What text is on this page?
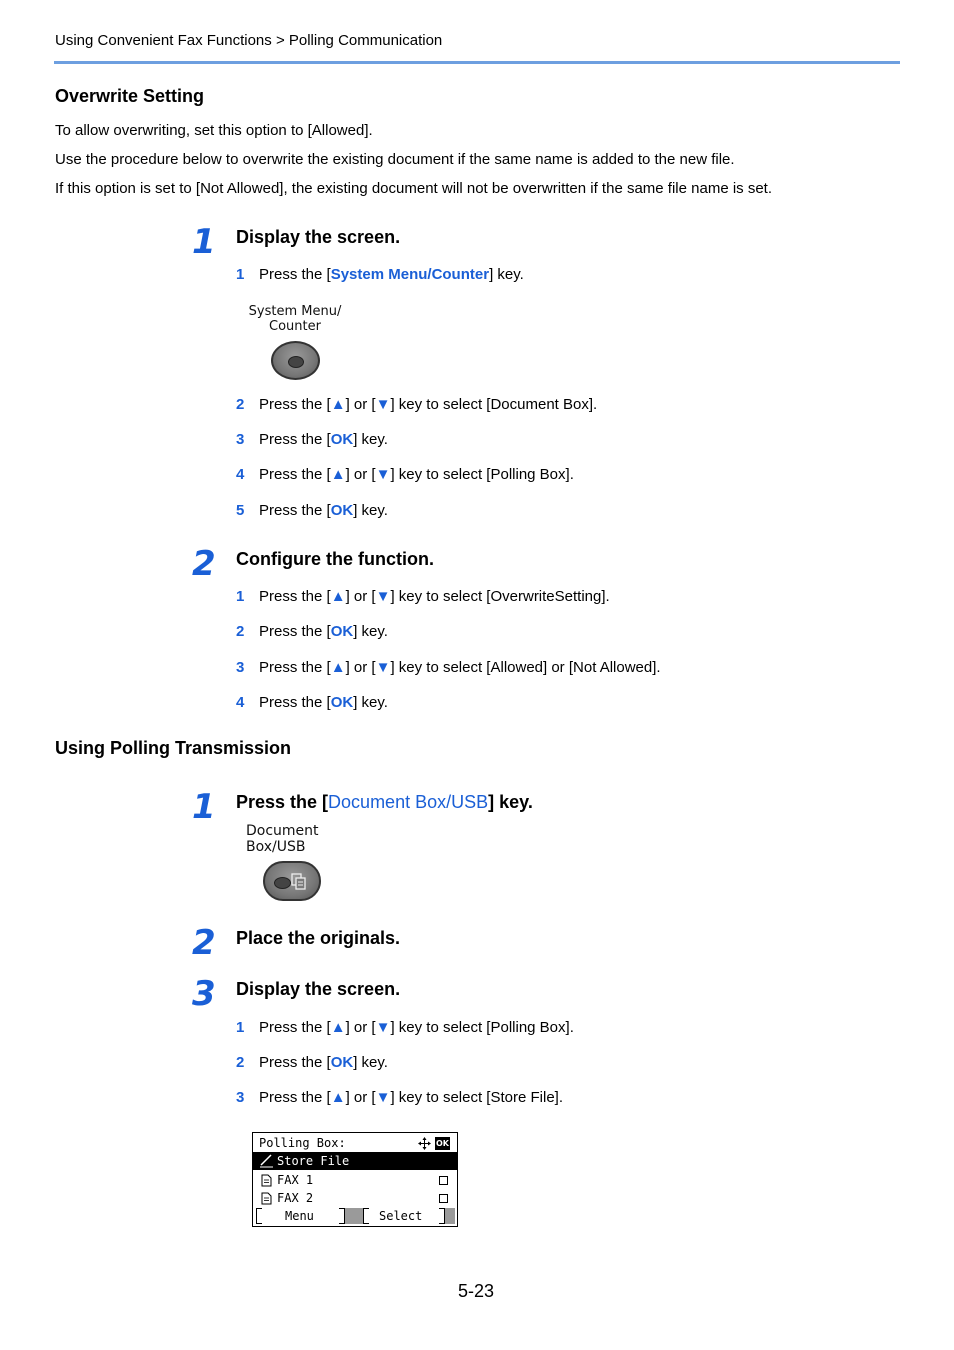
Using Convenient Fax Functions > Polling Communication
Overwrite Setting
To allow overwriting, set this option to [Allowed].
Use the procedure below to overwrite the existing document if the same name is added to the new file.
If this option is set to [Not Allowed], the existing document will not be overwritten if the same file name is set.
1 Display the screen.
1 Press the [System Menu/Counter] key.
System Menu/
Counter
2 Press the [▲] or [▼] key to select [Document Box].
3 Press the [OK] key.
4 Press the [▲] or [▼] key to select [Polling Box].
5 Press the [OK] key.
2 Configure the function.
1 Press the [▲] or [▼] key to select [OverwriteSetting].
2 Press the [OK] key.
3 Press the [▲] or [▼] key to select [Allowed] or [Not Allowed].
4 Press the [OK] key.
Using Polling Transmission
1 Press the [Document Box/USB] key.
Document
Box/USB
2 Place the originals.
3 Display the screen.
1 Press the [▲] or [▼] key to select [Polling Box].
2 Press the [OK] key.
3 Press the [▲] or [▼] key to select [Store File].
Polling Box:	OK
Store File
FAX 1
FAX 2
Menu	Select
5-23
